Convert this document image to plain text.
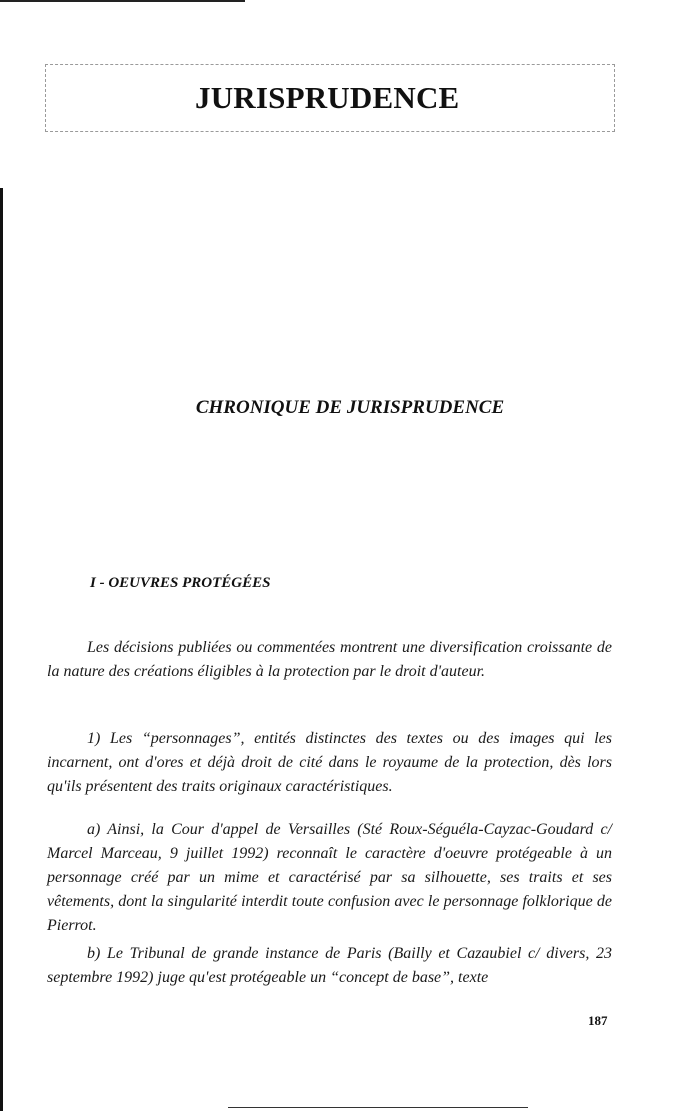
JURISPRUDENCE
CHRONIQUE DE JURISPRUDENCE
I - OEUVRES PROTÉGÉES

Les décisions publiées ou commentées montrent une diversification croissante de la nature des créations éligibles à la protection par le droit d'auteur.

1) Les “personnages”, entités distinctes des textes ou des images qui les incarnent, ont d'ores et déjà droit de cité dans le royaume de la protection, dès lors qu'ils présentent des traits originaux caractéristiques.

a) Ainsi, la Cour d'appel de Versailles (Sté Roux-Séguéla-Cayzac-Goudard c/ Marcel Marceau, 9 juillet 1992) reconnaît le caractère d'oeuvre protégeable à un personnage créé par un mime et caractérisé par sa silhouette, ses traits et ses vêtements, dont la singularité interdit toute confusion avec le personnage folklorique de Pierrot.

b) Le Tribunal de grande instance de Paris (Bailly et Cazaubiel c/ divers, 23 septembre 1992) juge qu'est protégeable un “concept de base”, texte

187
